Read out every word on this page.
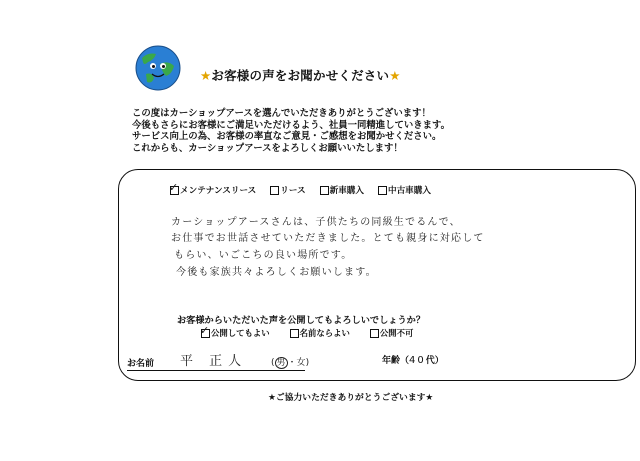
★お客様の声をお聞かせください★
この度はカーショップアースを選んでいただきありがとうございます！
今後もさらにお客様にご満足いただけるよう、社員一同精進していきます。
サービス向上の為、お客様の率直なご意見・ご感想をお聞かせください。
これからも、カーショップアースをよろしくお願いいたします！
✓
メンテナンスリース	リース	新車購入	中古車購入
カーショップアースさんは、子供たちの同級生でるんで、
お仕事でお世話させていただきました。とても親身に対応して
もらい、いごこちの良い場所です。
今後も家族共々よろしくお願いします。
お客様からいただいた声を公開してもよろしいでしょうか？
✓
公開してもよい	名前ならよい	公開不可
お名前 平 正人	( 男 ・女)	年齢（40代）
★ご協力いただきありがとうございます★
